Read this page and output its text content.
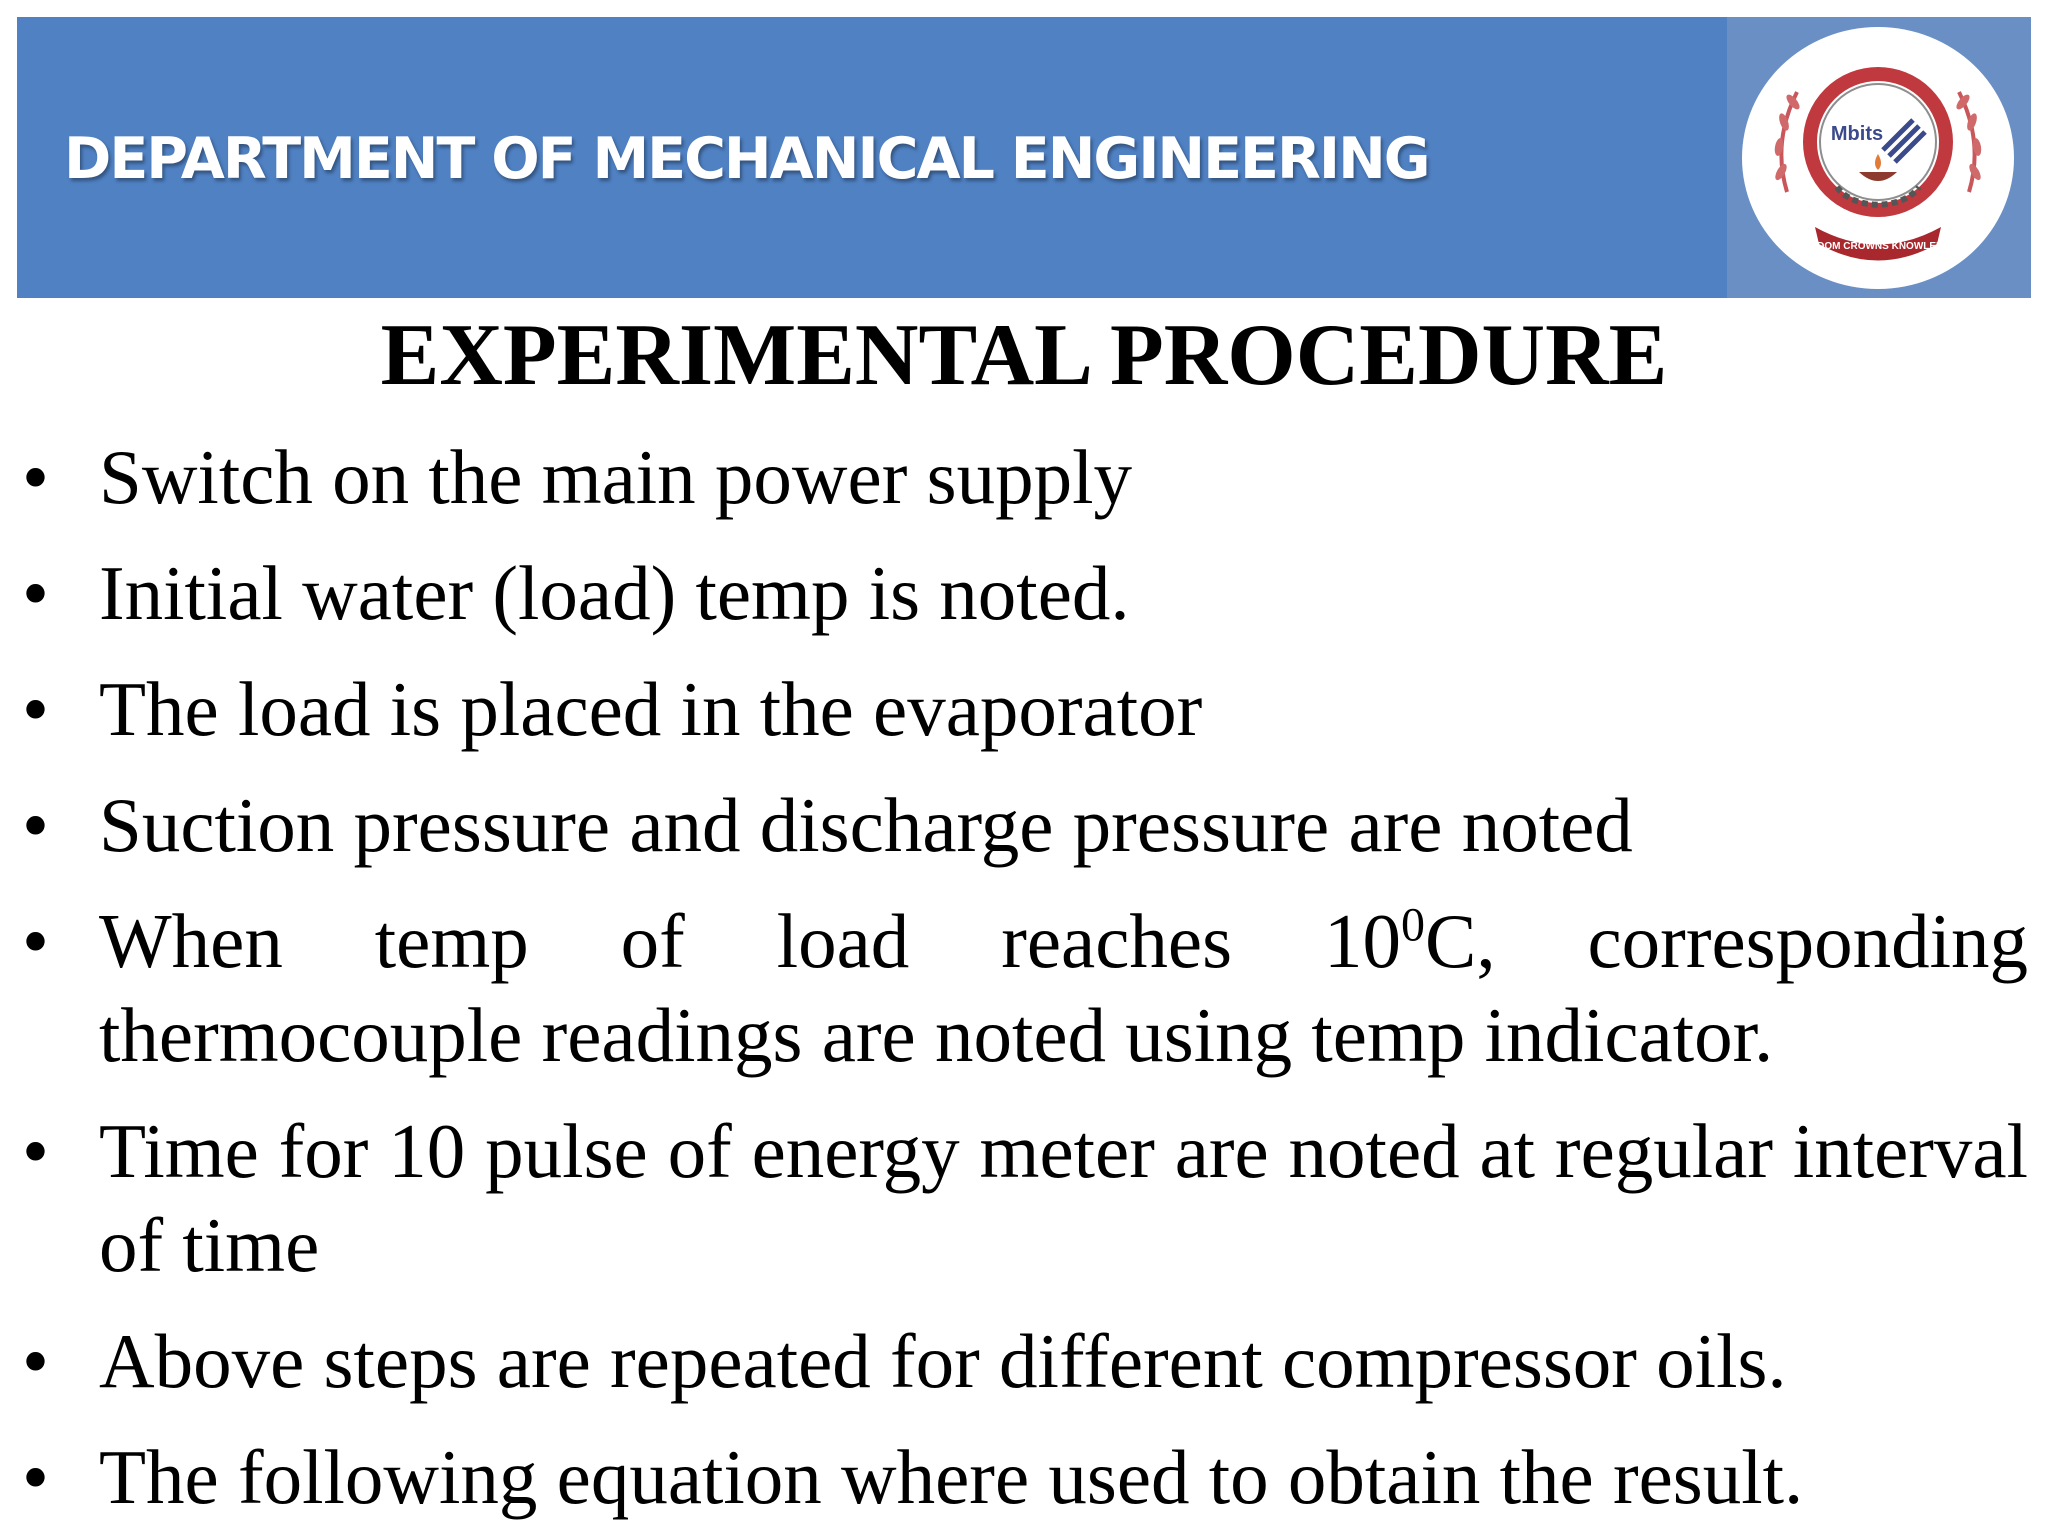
DEPARTMENT OF MECHANICAL ENGINEERING	Mbits
WISDOM CROWNS KNOWLEDGE
EXPERIMENTAL PROCEDURE
• Switch on the main power supply
• Initial water (load) temp is noted.
• The load is placed in the evaporator
• Suction pressure and discharge pressure are noted
• When temp of load reaches $10^0C$, corresponding thermocouple readings are noted using temp indicator.
• Time for 10 pulse of energy meter are noted at regular interval of time
• Above steps are repeated for different compressor oils.
• The following equation where used to obtain the result.
